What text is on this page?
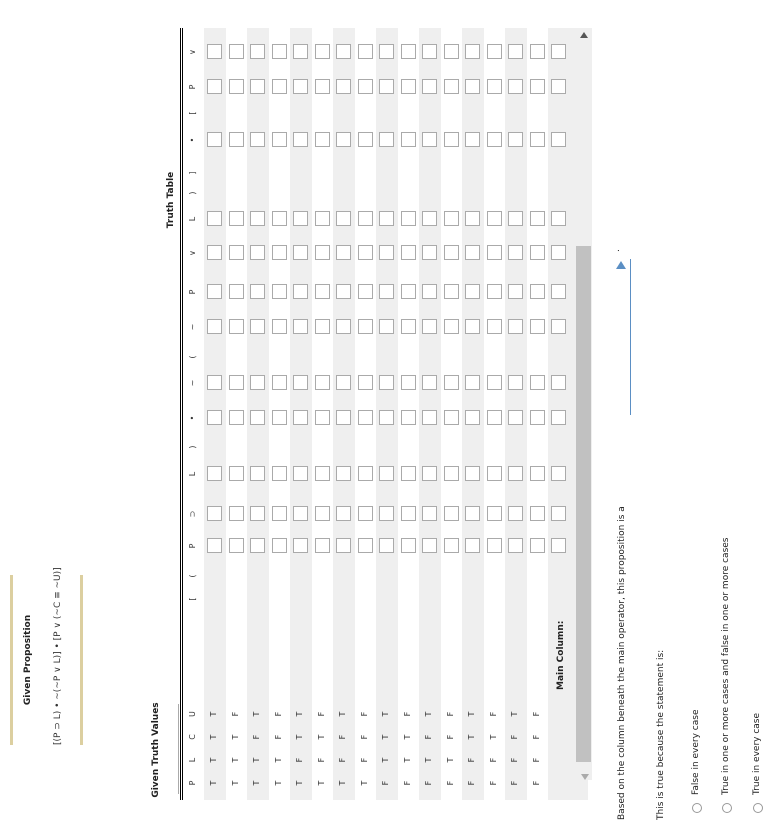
Given Proposition [(P ⊃ L) • ~(~P ∨ L)] • [P ∨ (~C ≡ ~U)]
Given Truth Values
Truth Table
P
L
C
U
T
T
T
T
T
T
T
F
T
T
F
T
T
T
F
F
T
F
T
T
T
F
T
F
T
F
F
T
T
F
F
F
F
T
T
T
F
T
T
F
F
T
F
T
F
T
F
F
F
F
T
T
F
F
T
F
F
F
F
T
F
F
F
F
[
(
P
⊃
L
)
•
~
(
~
P
∨
L
)
]
•
[
P
∨
Main Column:	Based on the column beneath the main operator, this proposition is a
.
This is true because the statement is:	False in every case True in one or more cases and false in one or more cases True in every case
